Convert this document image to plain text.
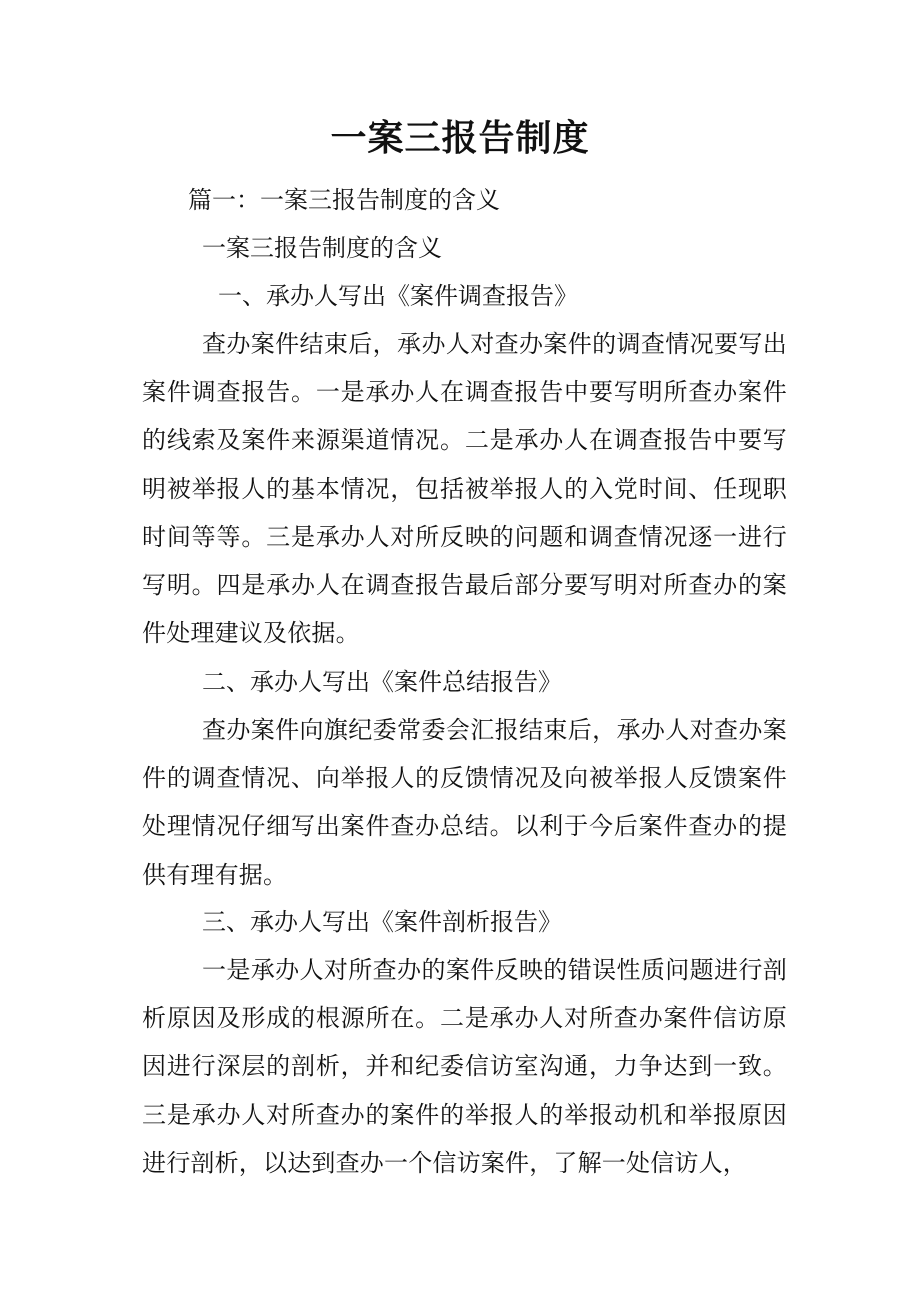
一案三报告制度

篇一：一案三报告制度的含义

一案三报告制度的含义

一、承办人写出《案件调查报告》

查办案件结束后，承办人对查办案件的调查情况要写出案件调查报告。一是承办人在调查报告中要写明所查办案件的线索及案件来源渠道情况。二是承办人在调查报告中要写明被举报人的基本情况，包括被举报人的入党时间、任现职时间等等。三是承办人对所反映的问题和调查情况逐一进行写明。四是承办人在调查报告最后部分要写明对所查办的案件处理建议及依据。

二、承办人写出《案件总结报告》

查办案件向旗纪委常委会汇报结束后，承办人对查办案件的调查情况、向举报人的反馈情况及向被举报人反馈案件处理情况仔细写出案件查办总结。以利于今后案件查办的提供有理有据。

三、承办人写出《案件剖析报告》

一是承办人对所查办的案件反映的错误性质问题进行剖析原因及形成的根源所在。二是承办人对所查办案件信访原因进行深层的剖析，并和纪委信访室沟通，力争达到一致。三是承办人对所查办的案件的举报人的举报动机和举报原因进行剖析，以达到查办一个信访案件，了解一处信访人，
